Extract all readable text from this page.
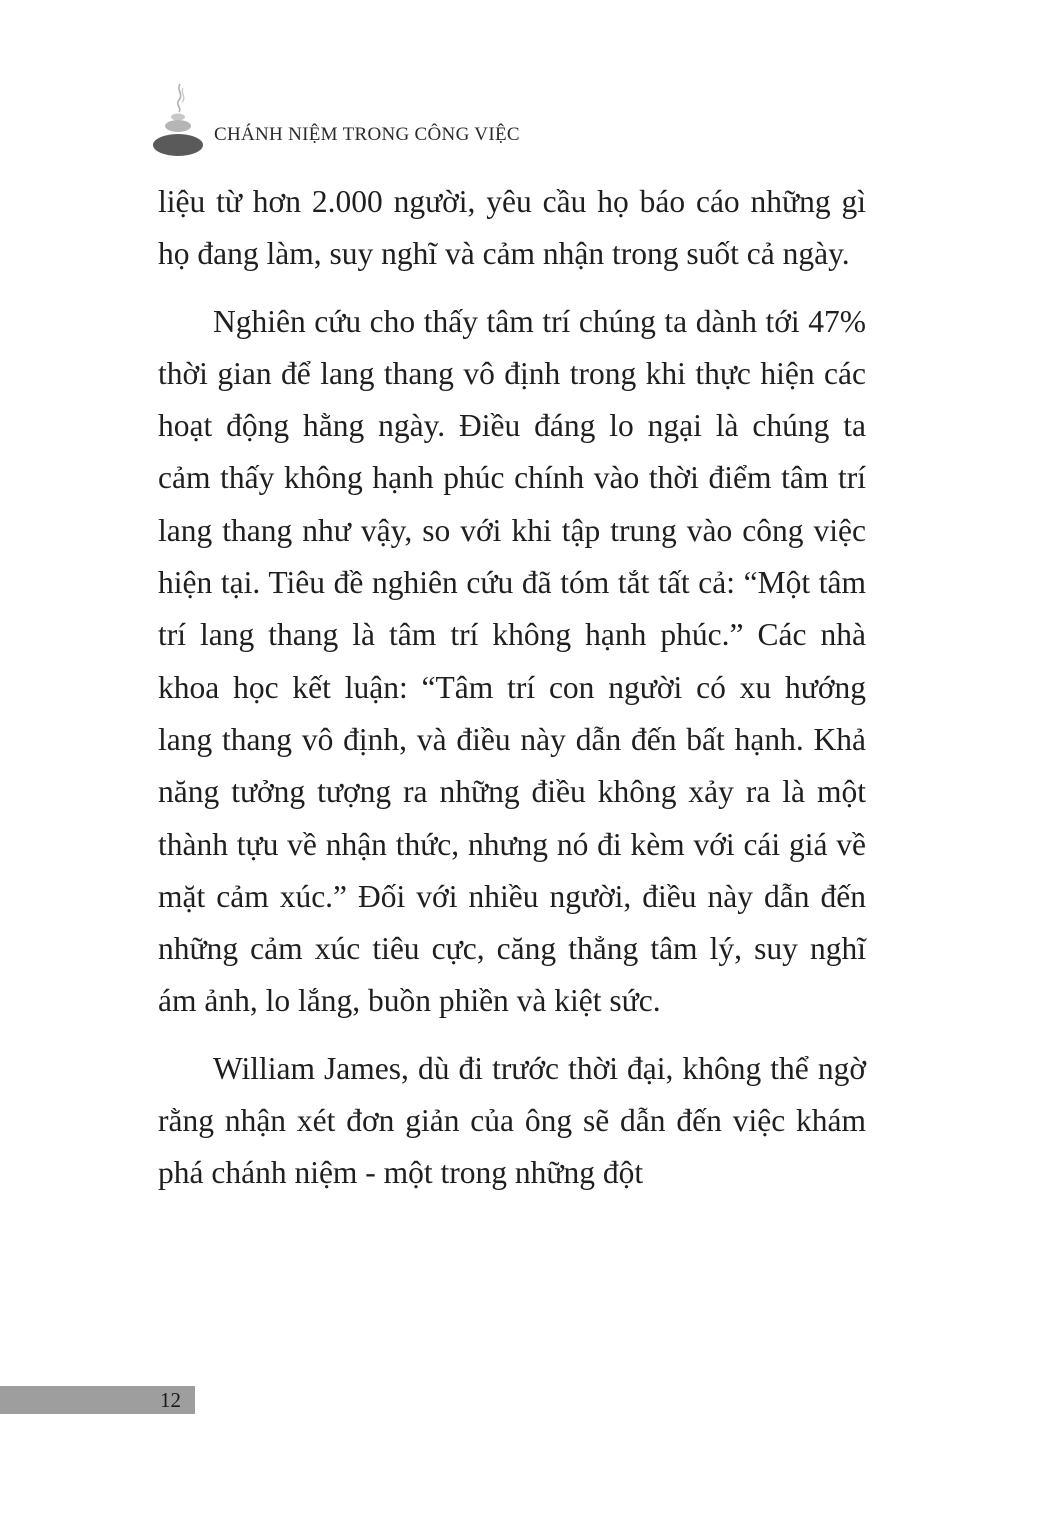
CHÁNH NIỆM TRONG CÔNG VIỆC

liệu từ hơn 2.000 người, yêu cầu họ báo cáo những gì họ đang làm, suy nghĩ và cảm nhận trong suốt cả ngày.

Nghiên cứu cho thấy tâm trí chúng ta dành tới 47% thời gian để lang thang vô định trong khi thực hiện các hoạt động hằng ngày. Điều đáng lo ngại là chúng ta cảm thấy không hạnh phúc chính vào thời điểm tâm trí lang thang như vậy, so với khi tập trung vào công việc hiện tại. Tiêu đề nghiên cứu đã tóm tắt tất cả: “Một tâm trí lang thang là tâm trí không hạnh phúc.” Các nhà khoa học kết luận: “Tâm trí con người có xu hướng lang thang vô định, và điều này dẫn đến bất hạnh. Khả năng tưởng tượng ra những điều không xảy ra là một thành tựu về nhận thức, nhưng nó đi kèm với cái giá về mặt cảm xúc.” Đối với nhiều người, điều này dẫn đến những cảm xúc tiêu cực, căng thẳng tâm lý, suy nghĩ ám ảnh, lo lắng, buồn phiền và kiệt sức.

William James, dù đi trước thời đại, không thể ngờ rằng nhận xét đơn giản của ông sẽ dẫn đến việc khám phá chánh niệm - một trong những đột

12
